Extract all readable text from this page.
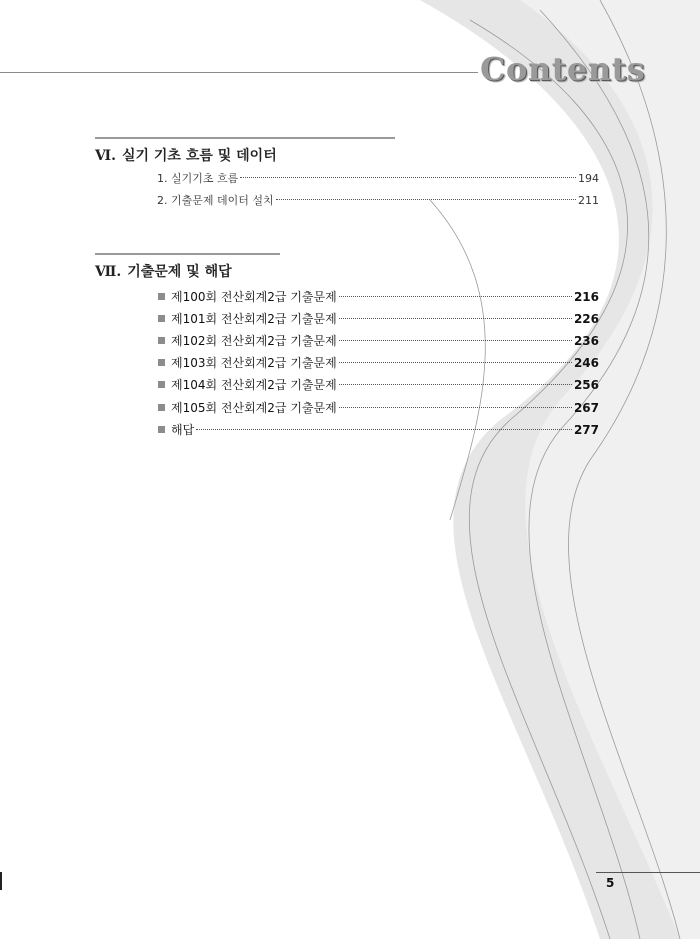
Contents
Ⅵ. 실기 기초 흐름 및 데이터
1. 실기기초 흐름	194
2. 기출문제 데이터 설치	211
Ⅶ. 기출문제 및 해답
제100회 전산회계2급 기출문제	216
제101회 전산회계2급 기출문제	226
제102회 전산회계2급 기출문제	236
제103회 전산회계2급 기출문제	246
제104회 전산회계2급 기출문제	256
제105회 전산회계2급 기출문제	267
해답	277
5
